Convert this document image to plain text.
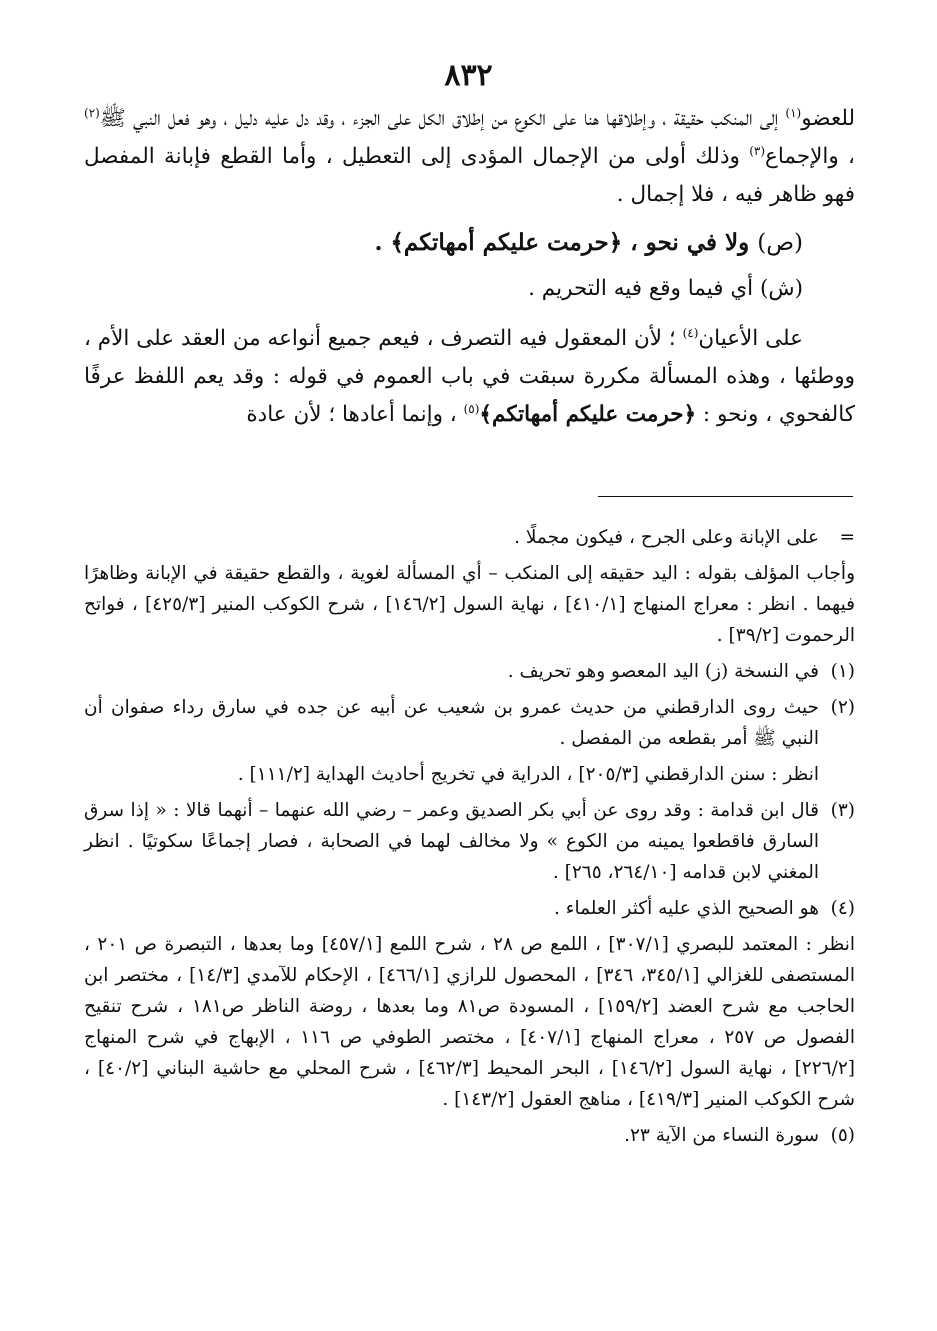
٨٣٢

للعضو$^{(١)}$ إلى المنكب حقيقة ، وإطلاقها هنا على الكوع من إطلاق الكل على الجزء ، وقد دل عليه دليل ، وهو فعل النبي ﷺ$^{(٢)}$ ، والإجماع$^{(٣)}$ وذلك أولى من الإجمال المؤدى إلى التعطيل ، وأما القطع فإبانة المفصل فهو ظاهر فيه ، فلا إجمال .

(ص) ولا في نحو ، ﴿حرمت عليكم أمهاتكم﴾ .

(ش) أي فيما وقع فيه التحريم .

على الأعيان$^{(٤)}$ ؛ لأن المعقول فيه التصرف ، فيعم جميع أنواعه من العقد على الأم ، ووطئها ، وهذه المسألة مكررة سبقت في باب العموم في قوله : وقد يعم اللفظ عرفًا كالفحوي ، ونحو : ﴿حرمت عليكم أمهاتكم﴾$^{(٥)}$ ، وإنما أعادها ؛ لأن عادة

=
على الإبانة وعلى الجرح ، فيكون مجملًا .

وأجاب المؤلف بقوله : اليد حقيقه إلى المنكب – أي المسألة لغوية ، والقطع حقيقة في الإبانة وظاهرًا فيهما . انظر : معراج المنهاج [٤١٠/١] ، نهاية السول [١٤٦/٢] ، شرح الكوكب المنير [٤٢٥/٣] ، فواتح الرحموت [٣٩/٢] .

(١)
في النسخة (ز) اليد المعصو وهو تحريف .

(٢)
حيث روى الدارقطني من حديث عمرو بن شعيب عن أبيه عن جده في سارق رداء صفوان أن النبي ﷺ أمر بقطعه من المفصل .

انظر : سنن الدارقطني [٢٠٥/٣] ، الدراية في تخريج أحاديث الهداية [١١١/٢] .

(٣)
قال ابن قدامة : وقد روى عن أبي بكر الصديق وعمر – رضي الله عنهما – أنهما قالا : « إذا سرق السارق فاقطعوا يمينه من الكوع » ولا مخالف لهما في الصحابة ، فصار إجماعًا سكوتيًا . انظر المغني لابن قدامه [٢٦٤/١٠، ٢٦٥] .

(٤)
هو الصحيح الذي عليه أكثر العلماء .

انظر : المعتمد للبصري [٣٠٧/١] ، اللمع ص ٢٨ ، شرح اللمع [٤٥٧/١] وما بعدها ، التبصرة ص ٢٠١ ، المستصفى للغزالي [٣٤٥/١، ٣٤٦] ، المحصول للرازي [٤٦٦/١] ، الإحكام للآمدي [١٤/٣] ، مختصر ابن الحاجب مع شرح العضد [١٥٩/٢] ، المسودة ص٨١ وما بعدها ، روضة الناظر ص١٨١ ، شرح تنقيح الفصول ص ٢٥٧ ، معراج المنهاج [٤٠٧/١] ، مختصر الطوفي ص ١١٦ ، الإبهاج في شرح المنهاج [٢٢٦/٢] ، نهاية السول [١٤٦/٢] ، البحر المحيط [٤٦٢/٣] ، شرح المحلي مع حاشية البناني [٤٠/٢] ، شرح الكوكب المنير [٤١٩/٣] ، مناهج العقول [١٤٣/٢] .

(٥)
سورة النساء من الآية ٢٣.
